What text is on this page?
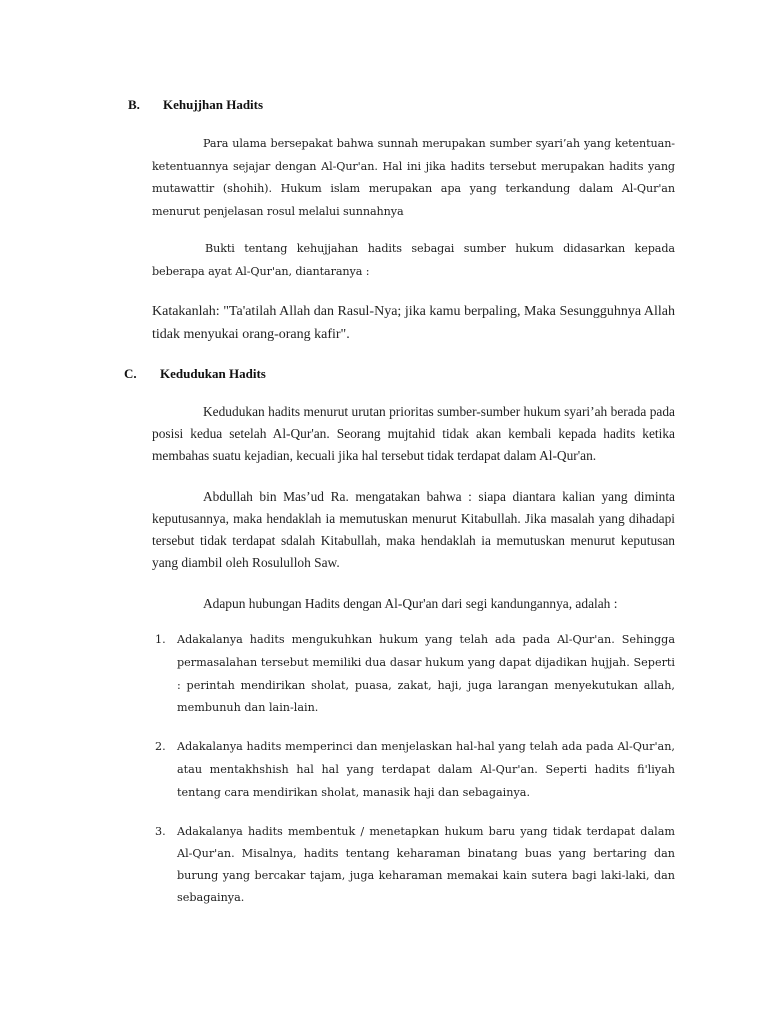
B. Kehujjhan Hadits
Para ulama bersepakat bahwa sunnah merupakan sumber syari’ah yang ketentuan-ketentuannya sejajar dengan Al-Qur'an. Hal ini jika hadits tersebut merupakan hadits yang mutawattir (shohih). Hukum islam merupakan apa yang terkandung dalam Al-Qur'an menurut penjelasan rosul melalui sunnahnya
Bukti tentang kehujjahan hadits sebagai sumber hukum didasarkan kepada beberapa ayat Al-Qur'an, diantaranya :
Katakanlah: "Ta'atilah Allah dan Rasul-Nya; jika kamu berpaling, Maka Sesungguhnya Allah tidak menyukai orang-orang kafir".
C. Kedudukan Hadits
Kedudukan hadits menurut urutan prioritas sumber-sumber hukum syari’ah berada pada posisi kedua setelah Al-Qur'an. Seorang mujtahid tidak akan kembali kepada hadits ketika membahas suatu kejadian, kecuali jika hal tersebut tidak terdapat dalam Al-Qur'an.
Abdullah bin Mas’ud Ra. mengatakan bahwa : siapa diantara kalian yang diminta keputusannya, maka hendaklah ia memutuskan menurut Kitabullah. Jika masalah yang dihadapi tersebut tidak terdapat sdalah Kitabullah, maka hendaklah ia memutuskan menurut keputusan yang diambil oleh Rosululloh Saw.
Adapun hubungan Hadits dengan Al-Qur'an dari segi kandungannya, adalah :
1. Adakalanya hadits mengukuhkan hukum yang telah ada pada Al-Qur'an. Sehingga permasalahan tersebut memiliki dua dasar hukum yang dapat dijadikan hujjah. Seperti : perintah mendirikan sholat, puasa, zakat, haji, juga larangan menyekutukan allah, membunuh dan lain-lain.
2. Adakalanya hadits memperinci dan menjelaskan hal-hal yang telah ada pada Al-Qur'an, atau mentakhshish hal hal yang terdapat dalam Al-Qur'an. Seperti hadits fi'liyah tentang cara mendirikan sholat, manasik haji dan sebagainya.
3. Adakalanya hadits membentuk / menetapkan hukum baru yang tidak terdapat dalam Al-Qur'an. Misalnya, hadits tentang keharaman binatang buas yang bertaring dan burung yang bercakar tajam, juga keharaman memakai kain sutera bagi laki-laki, dan sebagainya.
